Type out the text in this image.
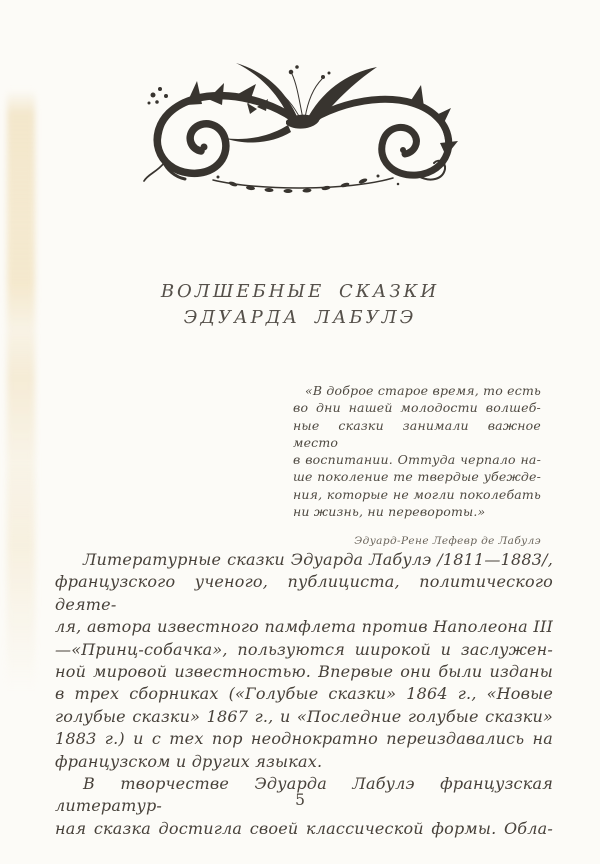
ВОЛШЕБНЫЕ СКАЗКИ
ЭДУАРДА ЛАБУЛЭ
«В доброе старое время, то есть
во дни нашей молодости волшеб-
ные сказки занимали важное место
в воспитании. Оттуда черпало на-
ше поколение те твердые убежде-
ния, которые не могли поколебать
ни жизнь, ни перевороты.»
Эдуард-Рене Лефевр де Лабулэ
Литературные сказки Эдуарда Лабулэ /1811—1883/,
французского ученого, публициста, политического деяте-
ля, автора известного памфлета против Наполеона III
—«Принц-собачка», пользуются широкой и заслужен-
ной мировой известностью. Впервые они были изданы
в трех сборниках («Голубые сказки» 1864 г., «Новые
голубые сказки» 1867 г., и «Последние голубые сказки»
1883 г.) и с тех пор неоднократно переиздавались на
французском и других языках.
В творчестве Эдуарда Лабулэ французская литератур-
ная сказка достигла своей классической формы. Обла-
5
